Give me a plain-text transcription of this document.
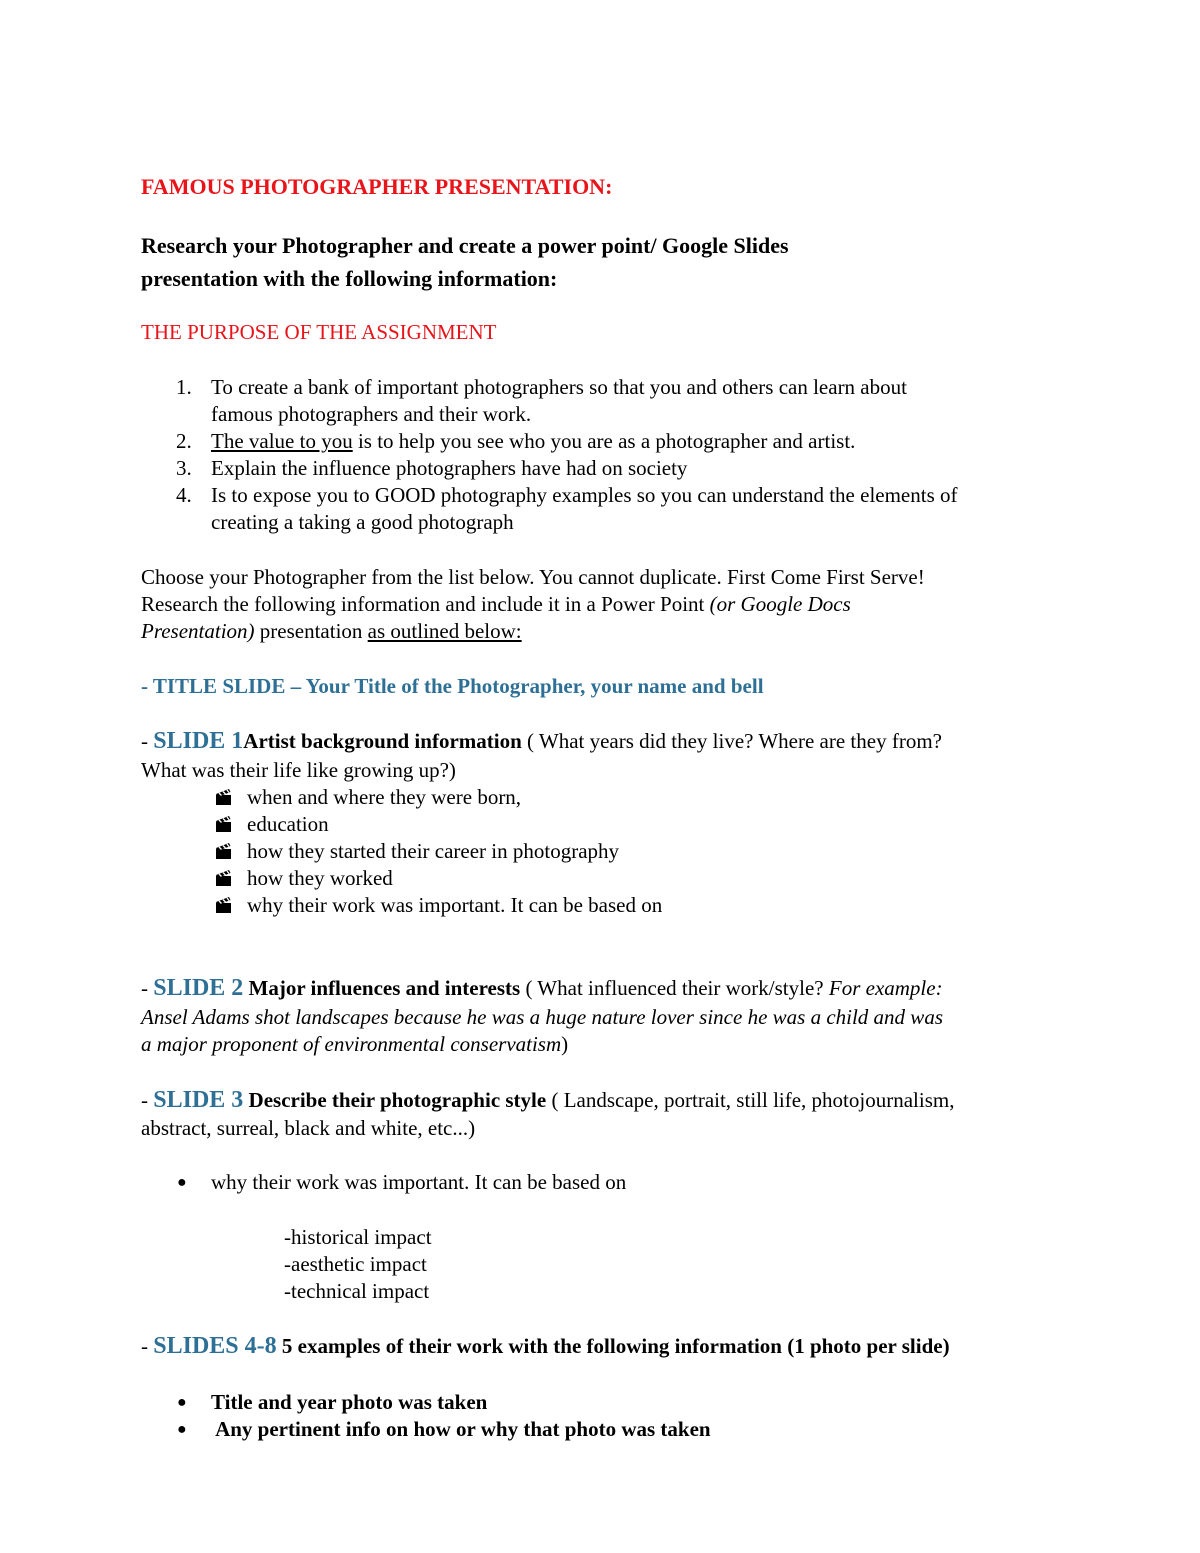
FAMOUS PHOTOGRAPHER PRESENTATION:
Research your Photographer and create a power point/ Google Slides
presentation with the following information:
THE PURPOSE OF THE ASSIGNMENT
1. To create a bank of important photographers so that you and others can learn about
famous photographers and their work.
2. The value to you is to help you see who you are as a photographer and artist.
3. Explain the influence photographers have had on society
4. Is to expose you to GOOD photography examples so you can understand the elements of
creating a taking a good photograph
Choose your Photographer from the list below. You cannot duplicate. First Come First Serve!
Research the following information and include it in a Power Point (or Google Docs
Presentation) presentation as outlined below:
- TITLE SLIDE – Your Title of the Photographer, your name and bell
- SLIDE 1Artist background information ( What years did they live? Where are they from?
What was their life like growing up?)
when and where they were born,
education
how they started their career in photography
how they worked
why their work was important. It can be based on
- SLIDE 2 Major influences and interests ( What influenced their work/style? For example:
Ansel Adams shot landscapes because he was a huge nature lover since he was a child and was
a major proponent of environmental conservatism)
- SLIDE 3 Describe their photographic style ( Landscape, portrait, still life, photojournalism,
abstract, surreal, black and white, etc...)
● why their work was important. It can be based on
-historical impact
-aesthetic impact
-technical impact
- SLIDES 4-8 5 examples of their work with the following information (1 photo per slide)
● Title and year photo was taken
● Any pertinent info on how or why that photo was taken
